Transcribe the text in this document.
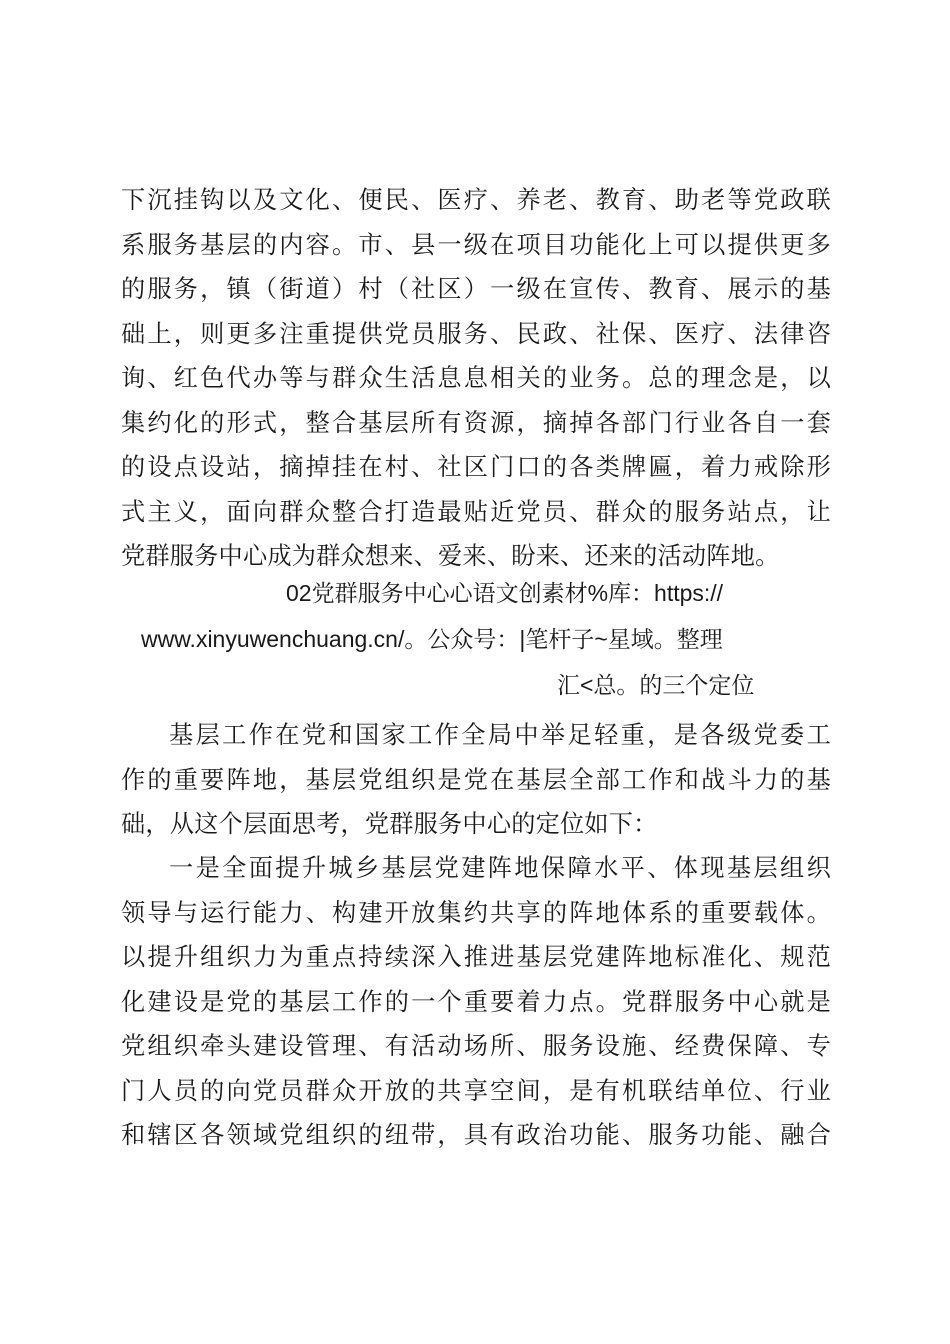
下沉挂钩以及文化、便民、医疗、养老、教育、助老等党政联
系服务基层的内容。市、县一级在项目功能化上可以提供更多
的服务，镇（街道）村（社区）一级在宣传、教育、展示的基
础上，则更多注重提供党员服务、民政、社保、医疗、法律咨
询、红色代办等与群众生活息息相关的业务。总的理念是，以
集约化的形式，整合基层所有资源，摘掉各部门行业各自一套
的设点设站，摘掉挂在村、社区门口的各类牌匾，着力戒除形
式主义，面向群众整合打造最贴近党员、群众的服务站点，让
党群服务中心成为群众想来、爱来、盼来、还来的活动阵地。
02党群服务中心心语文创素材%库：https://
www.xinyuwenchuang.cn/。公众号：|笔杆子~星域。整理
汇<总。的三个定位
基层工作在党和国家工作全局中举足轻重，是各级党委工
作的重要阵地，基层党组织是党在基层全部工作和战斗力的基
础，从这个层面思考，党群服务中心的定位如下：
一是全面提升城乡基层党建阵地保障水平、体现基层组织
领导与运行能力、构建开放集约共享的阵地体系的重要载体。
以提升组织力为重点持续深入推进基层党建阵地标准化、规范
化建设是党的基层工作的一个重要着力点。党群服务中心就是
党组织牵头建设管理、有活动场所、服务设施、经费保障、专
门人员的向党员群众开放的共享空间，是有机联结单位、行业
和辖区各领域党组织的纽带，具有政治功能、服务功能、融合
